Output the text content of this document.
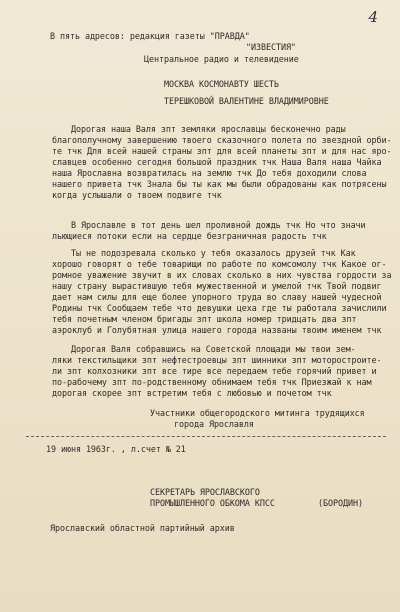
4
В пять адресов: редакция газеты "ПРАВДА"
"ИЗВЕСТИЯ"
Центральное радио и телевидение
МОСКВА КОСМОНАВТУ ШЕСТЬ
ТЕРЕШКОВОЙ ВАЛЕНТИНЕ ВЛАДИМИРОВНЕ
Дорогая наша Валя зпт земляки ярославцы бесконечно рады
благополучному завершению твоего сказочного полета по звездной орби-
те тчк Для всей нашей страны зпт для всей планеты зпт и для нас яро-
славцев особенно сегодня большой праздник тчк Наша Валя наша Чайка
наша Ярославна возвратилась на землю тчк До тебя доходили слова
нашего привета тчк Знала бы ты как мы были обрадованы как потрясены
когда услышали о твоем подвиге тчк
В Ярославле в тот день шел проливной дождь тчк Но что значи
льющиеся потоки если на сердце безграничная радость тчк
Ты не подозревала сколько у тебя оказалось друзей тчк Как
хорошо говорят о тебе товарищи по работе по комсомолу тчк Какое ог-
ромное уважение звучит в их словах сколько в них чувства гордости за
нашу страну вырастившую тебя мужественной и умелой тчк Твой подвиг
дает нам силы для еще более упорного труда во славу нашей чудесной
Родины тчк Сообщаем тебе что девушки цеха где ты работала зачислили
тебя почетным членом бригады зпт школа номер тридцать два зпт
аэроклуб и Голубятная улица нашего города названы твоим именем тчк
Дорогая Валя собравшись на Советской площади мы твои зем-
ляки текстильщики зпт нефтестроевцы зпт шинники зпт моторостроите-
ли зпт колхозники зпт все тире все передаем тебе горячий привет и
по-рабочему зпт по-родственному обнимаем тебя тчк Приезжай к нам
дорогая скорее зпт встретим тебя с любовью и почетом тчк
Участники общегородского митинга трудящихся
города Ярославля
19 июня 1963г. , л.счет № 21
СЕКРЕТАРЬ ЯРОСЛАВСКОГО
ПРОМЫШЛЕННОГО ОБКОМА КПСС	(БОРОДИН)
Ярославский областной партийный архив
